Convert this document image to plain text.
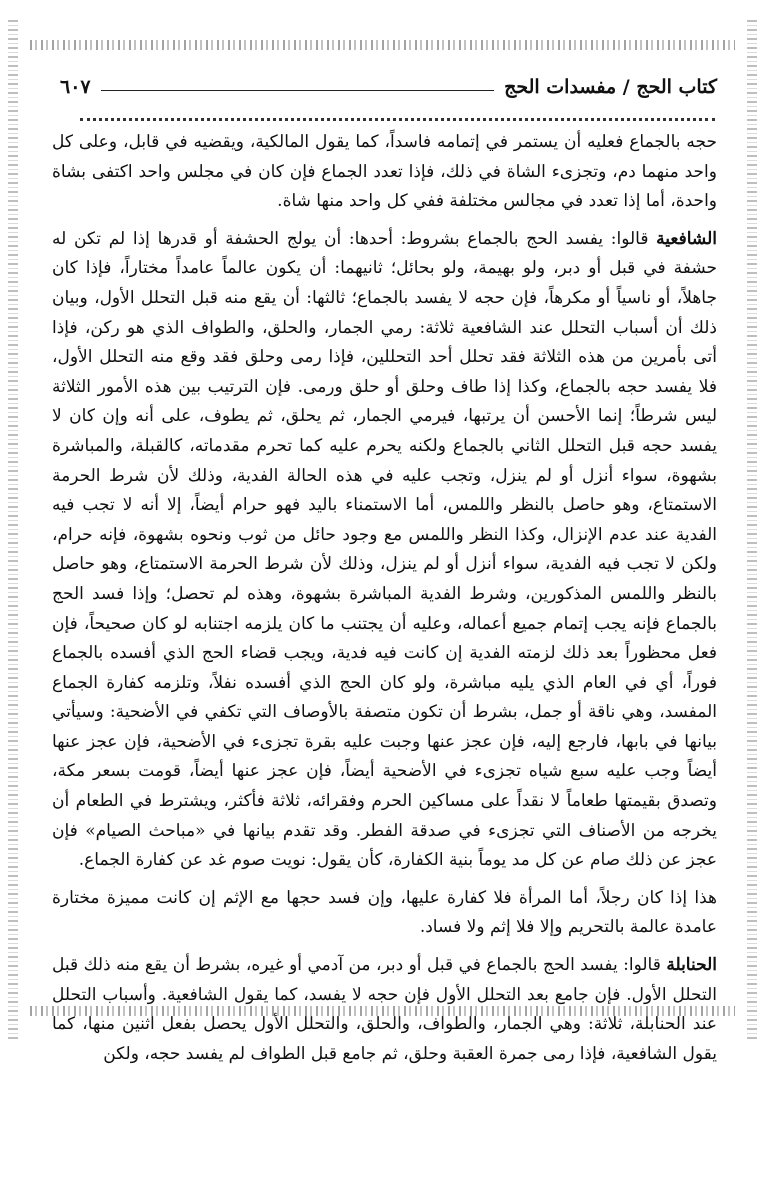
كتاب الحج / مفسدات الحج
٦٠٧

حجه بالجماع فعليه أن يستمر في إتمامه فاسداً، كما يقول المالكية، ويقضيه في قابل، وعلى كل واحد منهما دم، وتجزىء الشاة في ذلك، فإذا تعدد الجماع فإن كان في مجلس واحد اكتفى بشاة واحدة، أما إذا تعدد في مجالس مختلفة ففي كل واحد منها شاة.

الشافعية قالوا: يفسد الحج بالجماع بشروط: أحدها: أن يولج الحشفة أو قدرها إذا لم تكن له حشفة في قبل أو دبر، ولو بهيمة، ولو بحائل؛ ثانيهما: أن يكون عالماً عامداً مختاراً، فإذا كان جاهلاً، أو ناسياً أو مكرهاً، فإن حجه لا يفسد بالجماع؛ ثالثها: أن يقع منه قبل التحلل الأول، وبيان ذلك أن أسباب التحلل عند الشافعية ثلاثة: رمي الجمار، والحلق، والطواف الذي هو ركن، فإذا أتى بأمرين من هذه الثلاثة فقد تحلل أحد التحللين، فإذا رمى وحلق فقد وقع منه التحلل الأول، فلا يفسد حجه بالجماع، وكذا إذا طاف وحلق أو حلق ورمى. فإن الترتيب بين هذه الأمور الثلاثة ليس شرطاً؛ إنما الأحسن أن يرتبها، فيرمي الجمار، ثم يحلق، ثم يطوف، على أنه وإن كان لا يفسد حجه قبل التحلل الثاني بالجماع ولكنه يحرم عليه كما تحرم مقدماته، كالقبلة، والمباشرة بشهوة، سواء أنزل أو لم ينزل، وتجب عليه في هذه الحالة الفدية، وذلك لأن شرط الحرمة الاستمتاع، وهو حاصل بالنظر واللمس، أما الاستمناء باليد فهو حرام أيضاً، إلا أنه لا تجب فيه الفدية عند عدم الإنزال، وكذا النظر واللمس مع وجود حائل من ثوب ونحوه بشهوة، فإنه حرام، ولكن لا تجب فيه الفدية، سواء أنزل أو لم ينزل، وذلك لأن شرط الحرمة الاستمتاع، وهو حاصل بالنظر واللمس المذكورين، وشرط الفدية المباشرة بشهوة، وهذه لم تحصل؛ وإذا فسد الحج بالجماع فإنه يجب إتمام جميع أعماله، وعليه أن يجتنب ما كان يلزمه اجتنابه لو كان صحيحاً، فإن فعل محظوراً بعد ذلك لزمته الفدية إن كانت فيه فدية، ويجب قضاء الحج الذي أفسده بالجماع فوراً، أي في العام الذي يليه مباشرة، ولو كان الحج الذي أفسده نفلاً، وتلزمه كفارة الجماع المفسد، وهي ناقة أو جمل، بشرط أن تكون متصفة بالأوصاف التي تكفي في الأضحية: وسيأتي بيانها في بابها، فارجع إليه، فإن عجز عنها وجبت عليه بقرة تجزىء في الأضحية، فإن عجز عنها أيضاً وجب عليه سبع شياه تجزىء في الأضحية أيضاً، فإن عجز عنها أيضاً، قومت بسعر مكة، وتصدق بقيمتها طعاماً لا نقداً على مساكين الحرم وفقرائه، ثلاثة فأكثر، ويشترط في الطعام أن يخرجه من الأصناف التي تجزىء في صدقة الفطر. وقد تقدم بيانها في «مباحث الصيام» فإن عجز عن ذلك صام عن كل مد يوماً بنية الكفارة، كأن يقول: نويت صوم غد عن كفارة الجماع.

هذا إذا كان رجلاً، أما المرأة فلا كفارة عليها، وإن فسد حجها مع الإثم إن كانت مميزة مختارة عامدة عالمة بالتحريم وإلا فلا إثم ولا فساد.

الحنابلة قالوا: يفسد الحج بالجماع في قبل أو دبر، من آدمي أو غيره، بشرط أن يقع منه ذلك قبل التحلل الأول. فإن جامع بعد التحلل الأول فإن حجه لا يفسد، كما يقول الشافعية. وأسباب التحلل عند الحنابلة، ثلاثة: وهي الجمار، والطواف، والحلق، والتحلل الأول يحصل بفعل اثنين منها، كما يقول الشافعية، فإذا رمى جمرة العقبة وحلق، ثم جامع قبل الطواف لم يفسد حجه، ولكن
